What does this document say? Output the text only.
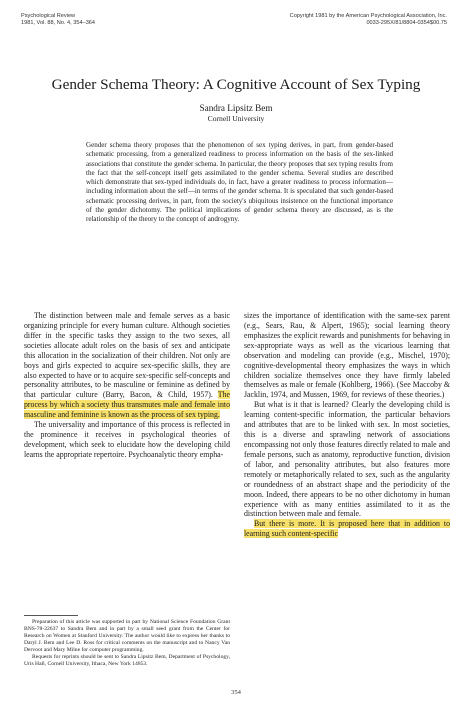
Psychological Review
1981, Vol. 88, No. 4, 354–364
Copyright 1981 by the American Psychological Association, Inc.
0033-295X/81/8804-0354$00.75
Gender Schema Theory: A Cognitive Account of Sex Typing
Sandra Lipsitz Bem
Cornell University
Gender schema theory proposes that the phenomenon of sex typing derives, in part, from gender-based schematic processing, from a generalized readiness to process information on the basis of the sex-linked associations that constitute the gender schema. In particular, the theory proposes that sex typing results from the fact that the self-concept itself gets assimilated to the gender schema. Several studies are described which demonstrate that sex-typed individuals do, in fact, have a greater readiness to process information—including information about the self—in terms of the gender schema. It is speculated that such gender-based schematic processing derives, in part, from the society's ubiquitous insistence on the functional importance of the gender dichotomy. The political implications of gender schema theory are discussed, as is the relationship of the theory to the concept of androgyny.

The distinction between male and female serves as a basic organizing principle for every human culture. Although societies differ in the specific tasks they assign to the two sexes, all societies allocate adult roles on the basis of sex and anticipate this allocation in the socialization of their children. Not only are boys and girls expected to acquire sex-specific skills, they are also expected to have or to acquire sex-specific self-concepts and personality attributes, to be masculine or feminine as defined by that particular culture (Barry, Bacon, & Child, 1957). The process by which a society thus transmutes male and female into masculine and feminine is known as the process of sex typing.

The universality and importance of this process is reflected in the prominence it receives in psychological theories of development, which seek to elucidate how the developing child learns the appropriate repertoire. Psychoanalytic theory empha-

Preparation of this article was supported in part by National Science Foundation Grant BNS-78-22637 to Sandra Bem and in part by a small seed grant from the Center for Research on Women at Stanford University. The author would like to express her thanks to Daryl J. Bem and Lee D. Ross for critical comments on the manuscript and to Nancy Van Dervoot and Mary Milne for computer programming.

Requests for reprints should be sent to Sandra Lipsitz Bem, Department of Psychology, Uris Hall, Cornell University, Ithaca, New York 14853.

sizes the importance of identification with the same-sex parent (e.g., Sears, Rau, & Alpert, 1965); social learning theory emphasizes the explicit rewards and punishments for behaving in sex-appropriate ways as well as the vicarious learning that observation and modeling can provide (e.g., Mischel, 1970); cognitive-developmental theory emphasizes the ways in which children socialize themselves once they have firmly labeled themselves as male or female (Kohlberg, 1966). (See Maccoby & Jacklin, 1974, and Mussen, 1969, for reviews of these theories.)

But what is it that is learned? Clearly the developing child is learning content-specific information, the particular behaviors and attributes that are to be linked with sex. In most societies, this is a diverse and sprawling network of associations encompassing not only those features directly related to male and female persons, such as anatomy, reproductive function, division of labor, and personality attributes, but also features more remotely or metaphorically related to sex, such as the angularity or roundedness of an abstract shape and the periodicity of the moon. Indeed, there appears to be no other dichotomy in human experience with as many entities assimilated to it as the distinction between male and female.

But there is more. It is proposed here that in addition to learning such content-specific

354
